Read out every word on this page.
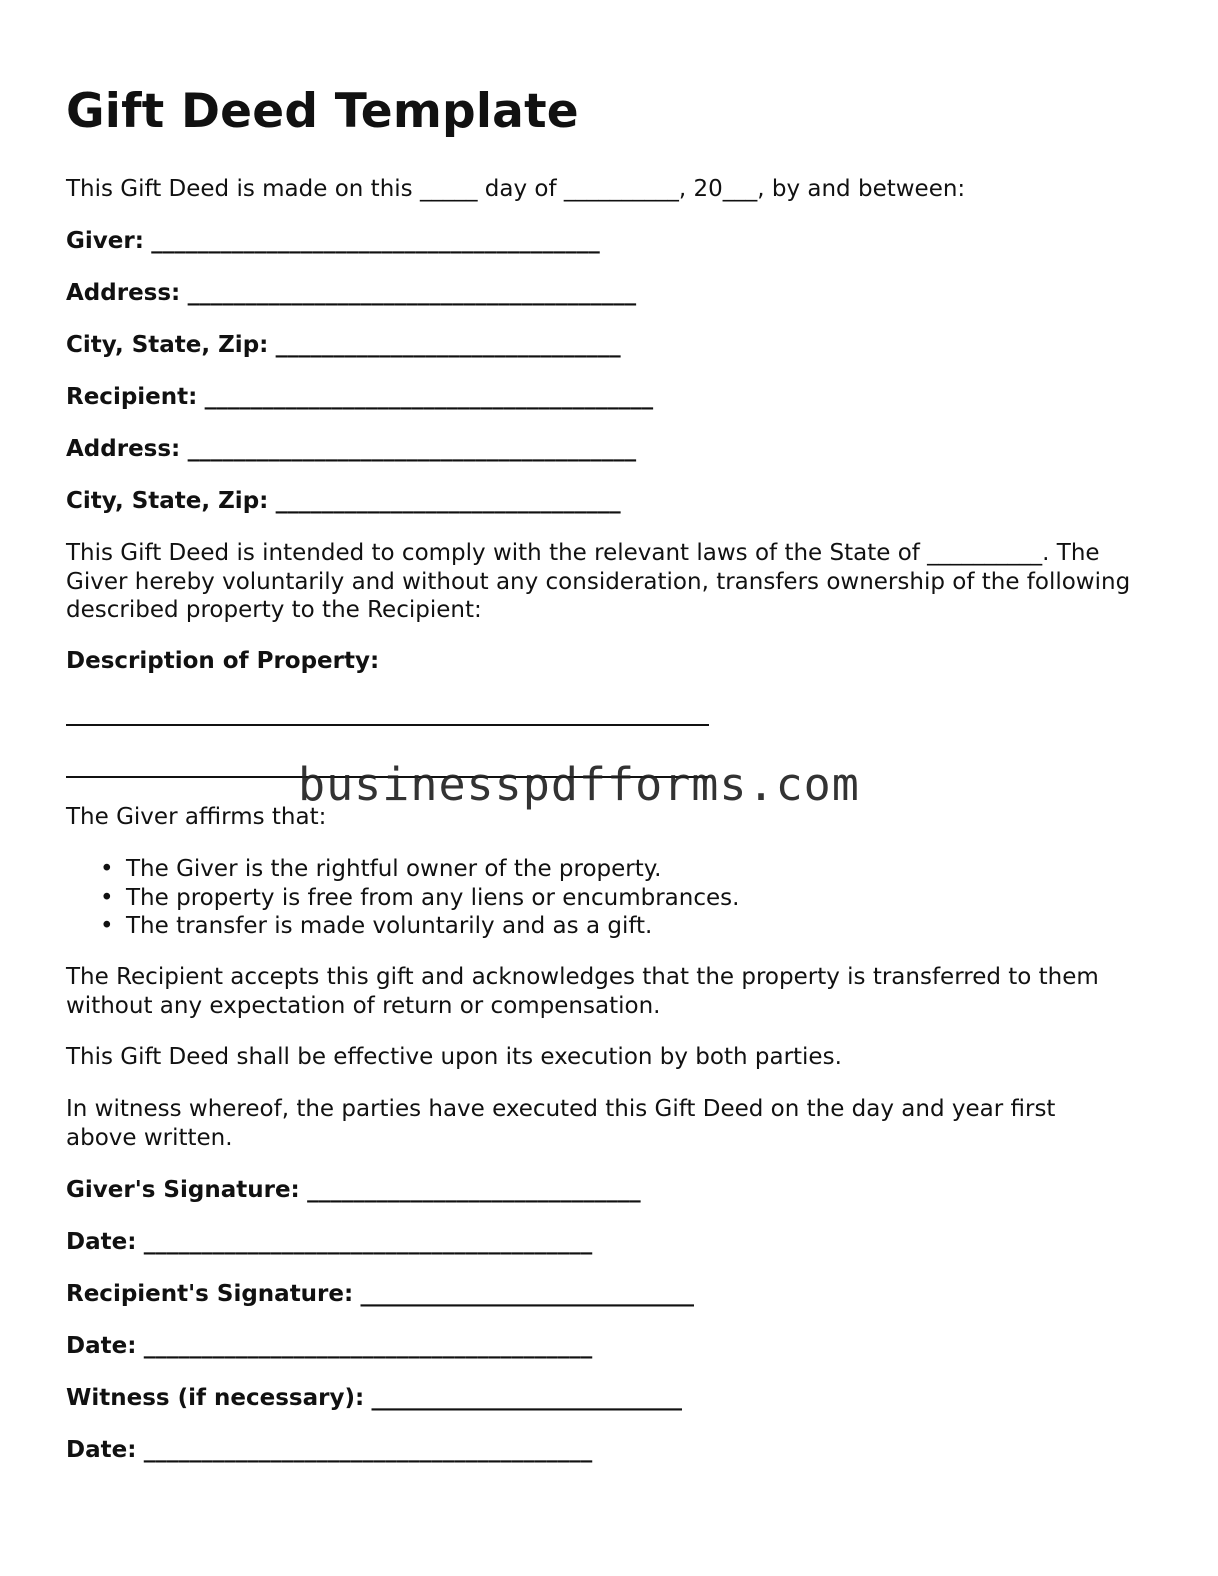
Gift Deed Template
This Gift Deed is made on this _____ day of __________, 20___, by and between:
Giver: _______________________________________
Address: _______________________________________
City, State, Zip: ______________________________
Recipient: _______________________________________
Address: _______________________________________
City, State, Zip: ______________________________
This Gift Deed is intended to comply with the relevant laws of the State of __________. The Giver hereby voluntarily and without any consideration, transfers ownership of the following described property to the Recipient:
Description of Property:
The Giver affirms that:
• The Giver is the rightful owner of the property.
• The property is free from any liens or encumbrances.
• The transfer is made voluntarily and as a gift.
The Recipient accepts this gift and acknowledges that the property is transferred to them without any expectation of return or compensation.
This Gift Deed shall be effective upon its execution by both parties.
In witness whereof, the parties have executed this Gift Deed on the day and year first above written.
Giver's Signature: _____________________________
Date: _______________________________________
Recipient's Signature: _____________________________
Date: _______________________________________
Witness (if necessary): ___________________________
Date: _______________________________________
businesspdfforms.com
